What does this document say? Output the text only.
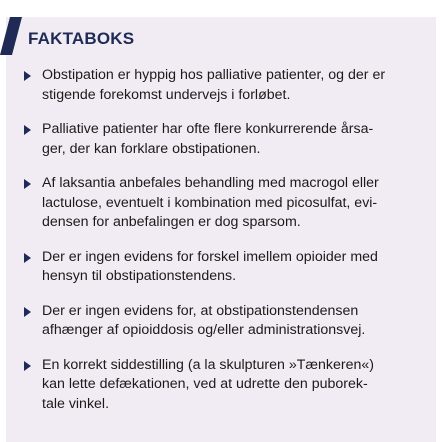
FAKTABOKS
Obstipation er hyppig hos palliative patienter, og der er
stigende forekomst undervejs i forløbet.
Palliative patienter har ofte flere konkurrerende årsa-
ger, der kan forklare obstipationen.
Af laksantia anbefales behandling med macrogol eller
lactulose, eventuelt i kombination med picosulfat, evi-
densen for anbefalingen er dog sparsom.
Der er ingen evidens for forskel imellem opioider med
hensyn til obstipationstendens.
Der er ingen evidens for, at obstipationstendensen
afhænger af opioiddosis og/eller administrationsvej.
En korrekt siddestilling (a la skulpturen »Tænkeren«)
kan lette defækationen, ved at udrette den puborek-
tale vinkel.
